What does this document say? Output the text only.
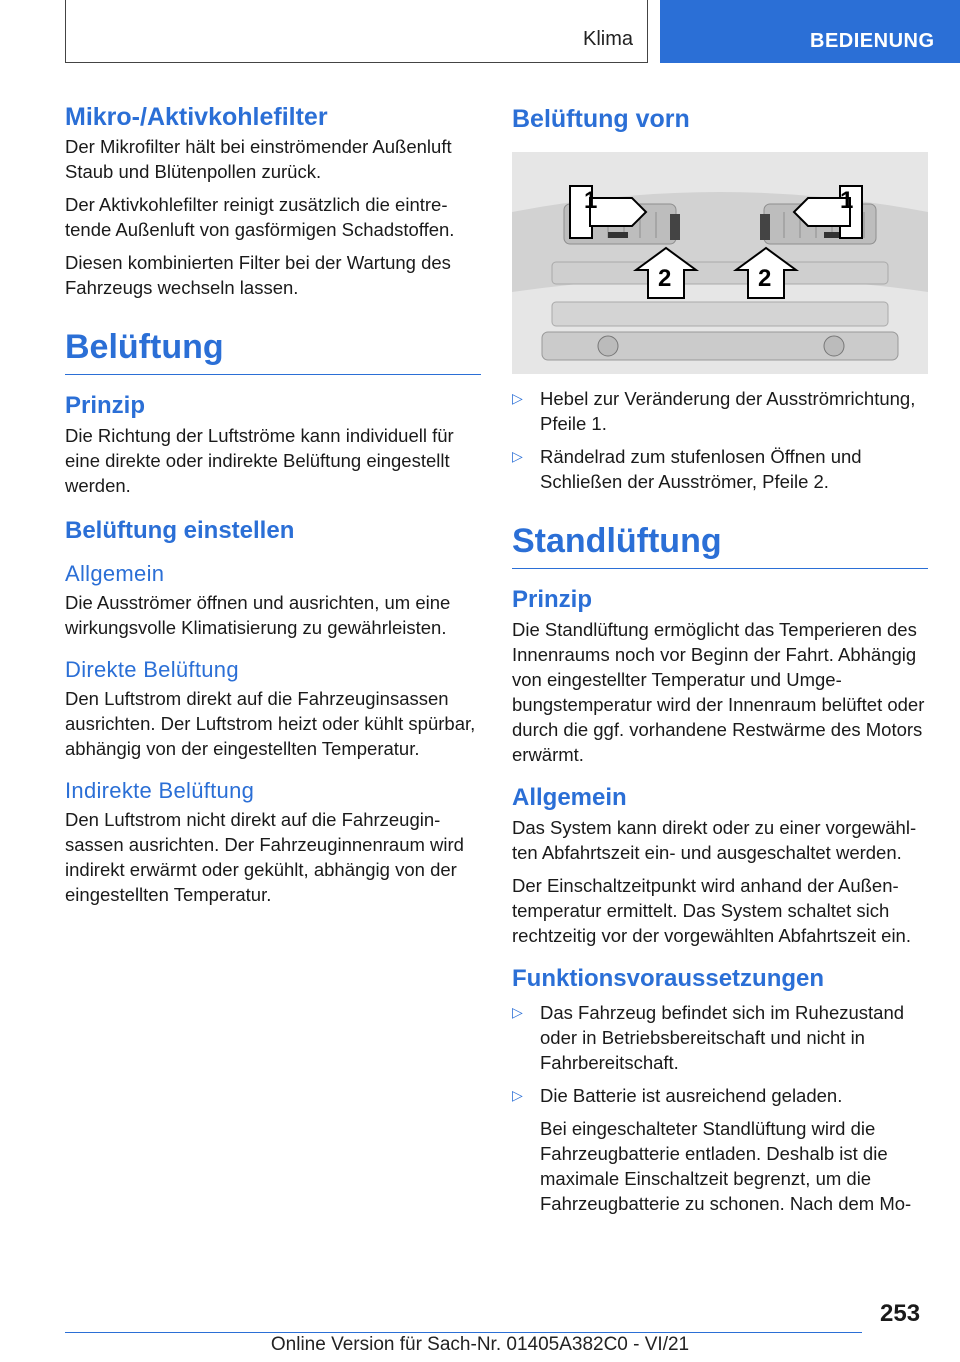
Klima	BEDIENUNG
Mikro-/Aktivkohlefilter

Der Mikrofilter hält bei einströmender Außenluft Staub und Blütenpollen zurück.

Der Aktivkohlefilter reinigt zusätzlich die eintretende Außenluft von gasförmigen Schadstoffen.

Diesen kombinierten Filter bei der Wartung des Fahrzeugs wechseln lassen.

Belüftung
Prinzip

Die Richtung der Luftströme kann individuell für eine direkte oder indirekte Belüftung eingestellt werden.

Belüftung einstellen
Allgemein

Die Ausströmer öffnen und ausrichten, um eine wirkungsvolle Klimatisierung zu gewährleisten.

Direkte Belüftung

Den Luftstrom direkt auf die Fahrzeuginsassen ausrichten. Der Luftstrom heizt oder kühlt spürbar, abhängig von der eingestellten Temperatur.

Indirekte Belüftung

Den Luftstrom nicht direkt auf die Fahrzeuginsassen ausrichten. Der Fahrzeuginnenraum wird indirekt erwärmt oder gekühlt, abhängig von der eingestellten Temperatur.

Belüftung vorn
1	1
2	2
▷ Hebel zur Veränderung der Ausströmrichtung, Pfeile 1.
▷ Rändelrad zum stufenlosen Öffnen und Schließen der Ausströmer, Pfeile 2.
Standlüftung
Prinzip

Die Standlüftung ermöglicht das Temperieren des Innenraums noch vor Beginn der Fahrt. Abhängig von eingestellter Temperatur und Umgebungstemperatur wird der Innenraum belüftet oder durch die ggf. vorhandene Restwärme des Motors erwärmt.

Allgemein

Das System kann direkt oder zu einer vorgewählten Abfahrtszeit ein- und ausgeschaltet werden.

Der Einschaltzeitpunkt wird anhand der Außentemperatur ermittelt. Das System schaltet sich rechtzeitig vor der vorgewählten Abfahrtszeit ein.

Funktionsvoraussetzungen
▷ Das Fahrzeug befindet sich im Ruhezustand oder in Betriebsbereitschaft und nicht in Fahrbereitschaft.
▷ Die Batterie ist ausreichend geladen.
Bei eingeschalteter Standlüftung wird die Fahrzeugbatterie entladen. Deshalb ist die maximale Einschaltzeit begrenzt, um die Fahrzeugbatterie zu schonen. Nach dem Mo-
253
Online Version für Sach-Nr. 01405A382C0 - VI/21
